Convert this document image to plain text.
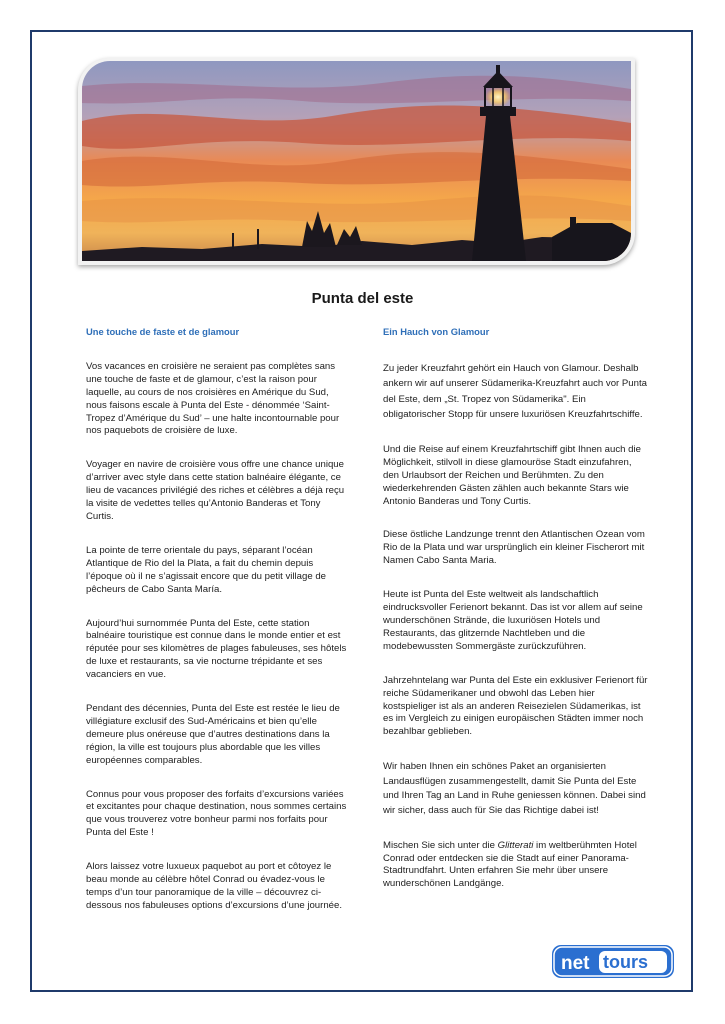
Punta del este
Une touche de faste et de glamour

Vos vacances en croisière ne seraient pas complètes sans une touche de faste et de glamour, c’est la raison pour laquelle, au cours de nos croisières en Amérique du Sud, nous faisons escale à Punta del Este - dénommée ‘Saint-Tropez d’Amérique du Sud’ – une halte incontournable pour nos paquebots de croisière de luxe.

Voyager en navire de croisière vous offre une chance unique d’arriver avec style dans cette station balnéaire élégante, ce lieu de vacances privilégié des riches et célèbres a déjà reçu la visite de vedettes telles qu’Antonio Banderas et Tony Curtis.

La pointe de terre orientale du pays, séparant l’océan Atlantique de Rio del la Plata, a fait du chemin depuis l’époque où il ne s’agissait encore que du petit village de pêcheurs de Cabo Santa María.

Aujourd’hui surnommée Punta del Este, cette station balnéaire touristique est connue dans le monde entier et est réputée pour ses kilomètres de plages fabuleuses, ses hôtels de luxe et restaurants, sa vie nocturne trépidante et ses vacanciers en vue.

Pendant des décennies, Punta del Este est restée le lieu de villégiature exclusif des Sud-Américains et bien qu’elle demeure plus onéreuse que d’autres destinations dans la région, la ville est toujours plus abordable que les villes européennes comparables.

Connus pour vous proposer des forfaits d’excursions variées et excitantes pour chaque destination, nous sommes certains que vous trouverez votre bonheur parmi nos forfaits pour Punta del Este !

Alors laissez votre luxueux paquebot au port et côtoyez le beau monde au célèbre hôtel Conrad ou évadez-vous le temps d’un tour panoramique de la ville – découvrez ci-dessous nos fabuleuses options d’excursions d’une journée.

Ein Hauch von Glamour

Zu jeder Kreuzfahrt gehört ein Hauch von Glamour. Deshalb ankern wir auf unserer Südamerika-Kreuzfahrt auch vor Punta del Este, dem „St. Tropez von Südamerika". Ein obligatorischer Stopp für unsere luxuriösen Kreuzfahrtschiffe.

Und die Reise auf einem Kreuzfahrtschiff gibt Ihnen auch die Möglichkeit, stilvoll in diese glamouröse Stadt einzufahren, den Urlaubsort der Reichen und Berühmten. Zu den wiederkehrenden Gästen zählen auch bekannte Stars wie Antonio Banderas und Tony Curtis.

Diese östliche Landzunge trennt den Atlantischen Ozean vom Rio de la Plata und war ursprünglich ein kleiner Fischerort mit Namen Cabo Santa Maria.

Heute ist Punta del Este weltweit als landschaftlich eindrucksvoller Ferienort bekannt. Das ist vor allem auf seine wunderschönen Strände, die luxuriösen Hotels und Restaurants, das glitzernde Nachtleben und die modebewussten Sommergäste zurückzuführen.

Jahrzehntelang war Punta del Este ein exklusiver Ferienort für reiche Südamerikaner und obwohl das Leben hier kostspieliger ist als an anderen Reisezielen Südamerikas, ist es im Vergleich zu einigen europäischen Städten immer noch bezahlbar geblieben.

Wir haben Ihnen ein schönes Paket an organisierten Landausflügen zusammengestellt, damit Sie Punta del Este und Ihren Tag an Land in Ruhe geniessen können. Dabei sind wir sicher, dass auch für Sie das Richtige dabei ist!

Mischen Sie sich unter die Glitterati im weltberühmten Hotel Conrad oder entdecken sie die Stadt auf einer Panorama-Stadtrundfahrt. Unten erfahren Sie mehr über unsere wunderschönen Landgänge.

net tours
